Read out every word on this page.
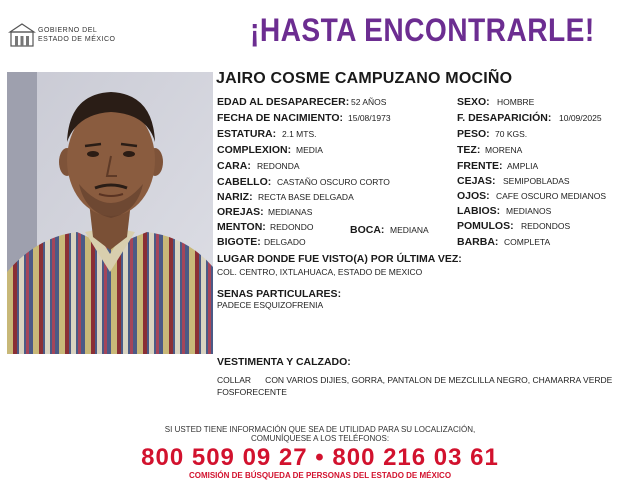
GOBIERNO DEL
ESTADO DE MÉXICO	¡HASTA ENCONTRARLE!
JAIRO COSME CAMPUZANO MOCIÑO
EDAD AL DESAPARECER: 52 AÑOS
FECHA DE NACIMIENTO: 15/08/1973
ESTATURA: 2.1 MTS.
COMPLEXION: MEDIA
CARA: REDONDA
CABELLO: CASTAÑO OSCURO CORTO
NARIZ: RECTA BASE DELGADA
OREJAS: MEDIANAS
MENTON: REDONDO	BOCA: MEDIANA
BIGOTE: DELGADO
SEXO: HOMBRE
F. DESAPARICIÓN: 10/09/2025
PESO: 70 KGS.
TEZ: MORENA
FRENTE: AMPLIA
CEJAS: SEMIPOBLADAS
OJOS: CAFE OSCURO MEDIANOS
LABIOS: MEDIANOS
POMULOS: REDONDOS
BARBA: COMPLETA
LUGAR DONDE FUE VISTO(A) POR ÚLTIMA VEZ:
COL. CENTRO, IXTLAHUACA, ESTADO DE MEXICO
SENAS PARTICULARES:
PADECE ESQUIZOFRENIA
VESTIMENTA Y CALZADO:
COLLAR      CON VARIOS DIJIES, GORRA, PANTALON DE MEZCLILLA NEGRO, CHAMARRA VERDE FOSFORECENTE
SI USTED TIENE INFORMACIÓN QUE SEA DE UTILIDAD PARA SU LOCALIZACIÓN,
COMUNÍQUESE A LOS TELÉFONOS:
800 509 09 27 • 800 216 03 61
COMISIÓN DE BÚSQUEDA DE PERSONAS DEL ESTADO DE MÉXICO
